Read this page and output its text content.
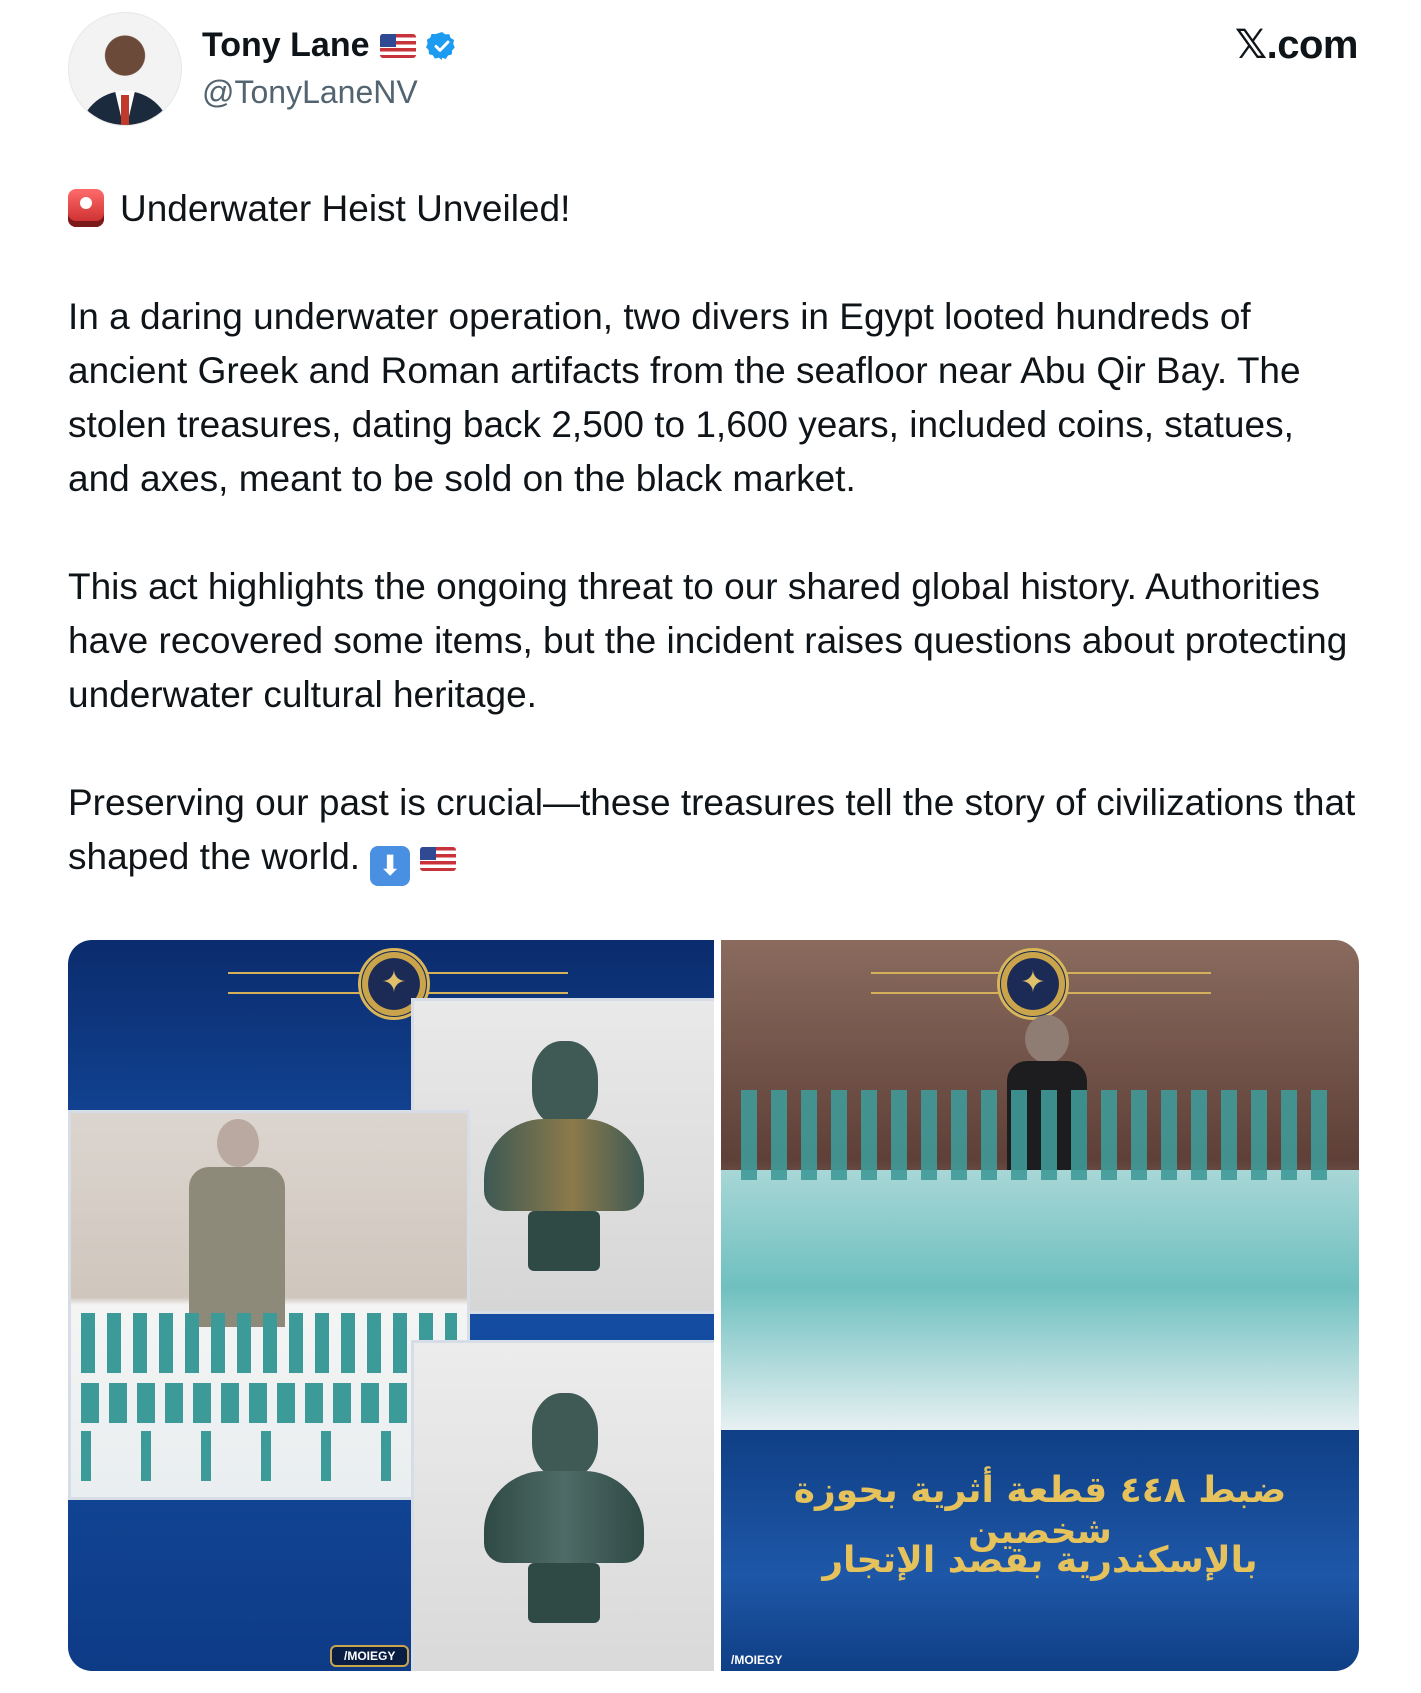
Tony Lane
@TonyLaneNV
𝕏.com

Underwater Heist Unveiled!

In a daring underwater operation, two divers in Egypt looted hundreds of ancient Greek and Roman artifacts from the seafloor near Abu Qir Bay. The stolen treasures, dating back 2,500 to 1,600 years, included coins, statues, and axes, meant to be sold on the black market.

This act highlights the ongoing threat to our shared global history. Authorities have recovered some items, but the incident raises questions about protecting underwater cultural heritage.

Preserving our past is crucial—these treasures tell the story of civilizations that shaped the world. ⬇

✦
/MOIEGY
✦
ضبط ٤٤٨ قطعة أثرية بحوزة شخصين
بالإسكندرية بقصد الإتجار
/MOIEGY
